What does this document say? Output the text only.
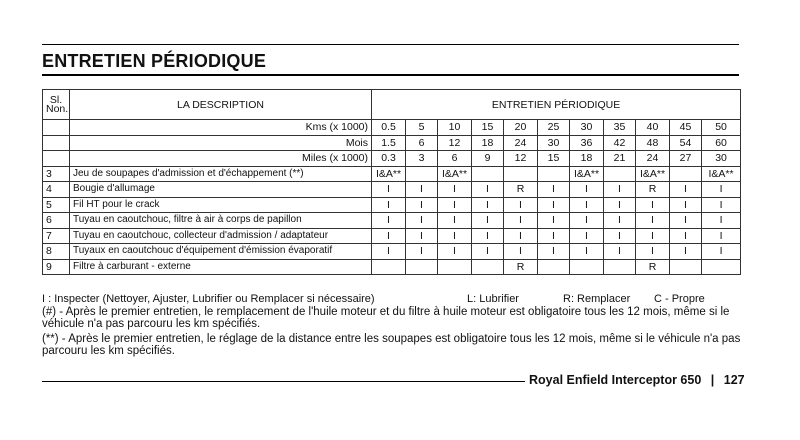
ENTRETIEN PÉRIODIQUE
Sl.
Non.	LA DESCRIPTION	ENTRETIEN PÉRIODIQUE										
	Kms (x 1000)	0.5	5	10	15	20	25	30	35	40	45	50
	Mois	1.5	6	12	18	24	30	36	42	48	54	60
	Miles (x 1000)	0.3	3	6	9	12	15	18	21	24	27	30
3	Jeu de soupapes d'admission et d'échappement (**)	I&A**		I&A**				I&A**		I&A**		I&A**
4	Bougie d'allumage	I	I	I	I	R	I	I	I	R	I	I
5	Fil HT pour le crack	I	I	I	I	I	I	I	I	I	I	I
6	Tuyau en caoutchouc, filtre à air à corps de papillon	I	I	I	I	I	I	I	I	I	I	I
7	Tuyau en caoutchouc, collecteur d'admission / adaptateur	I	I	I	I	I	I	I	I	I	I	I
8	Tuyaux en caoutchouc d'équipement d'émission évaporatif	I	I	I	I	I	I	I	I	I	I	I
9	Filtre à carburant - externe					R				R		
I : Inspecter (Nettoyer, Ajuster, Lubrifier ou Remplacer si nécessaire)	L: Lubrifier	R: Remplacer C - Propre
(#) - Après le premier entretien, le remplacement de l'huile moteur et du filtre à huile moteur est obligatoire tous les 12 mois, même si le véhicule n'a pas parcouru les km spécifiés.
(**) - Après le premier entretien, le réglage de la distance entre les soupapes est obligatoire tous les 12 mois, même si le véhicule n'a pas parcouru les km spécifiés.
Royal Enfield Interceptor 650 | 127
